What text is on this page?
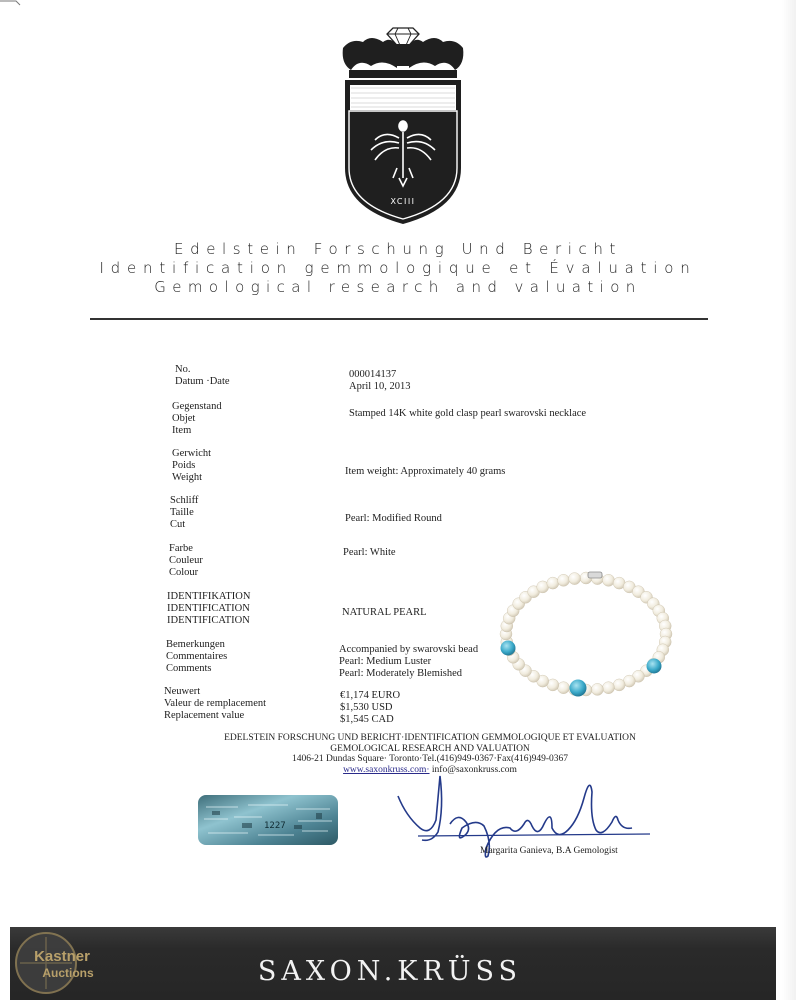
XCIII
Edelstein Forschung Und Bericht
Identification gemmologique et Évaluation
Gemological research and valuation
No.
Datum ·Date
000014137
April 10, 2013
Gegenstand
Objet
Item
Stamped 14K white gold clasp pearl swarovski necklace
Gerwicht
Poids
Weight
Item weight: Approximately 40 grams
Schliff
Taille
Cut
Pearl: Modified Round
Farbe
Couleur
Colour
Pearl: White
IDENTIFIKATION
IDENTIFICATION
IDENTIFICATION
NATURAL PEARL
Bemerkungen
Commentaires
Comments
Accompanied by swarovski bead
Pearl: Medium Luster
Pearl: Moderately Blemished
Neuwert
Valeur de remplacement
Replacement value
€1,174 EURO
$1,530 USD
$1,545 CAD
EDELSTEIN FORSCHUNG UND BERICHT·IDENTIFICATION GEMMOLOGIQUE ET EVALUATION
GEMOLOGICAL RESEARCH AND VALUATION
1406-21 Dundas Square· Toronto·Tel.(416)949-0367·Fax(416)949-0367
www.saxonkruss.com· info@saxonkruss.com
1227
Margarita Ganieva, B.A Gemologist
Kastner
Auctions	SAXON.KRÜSS
